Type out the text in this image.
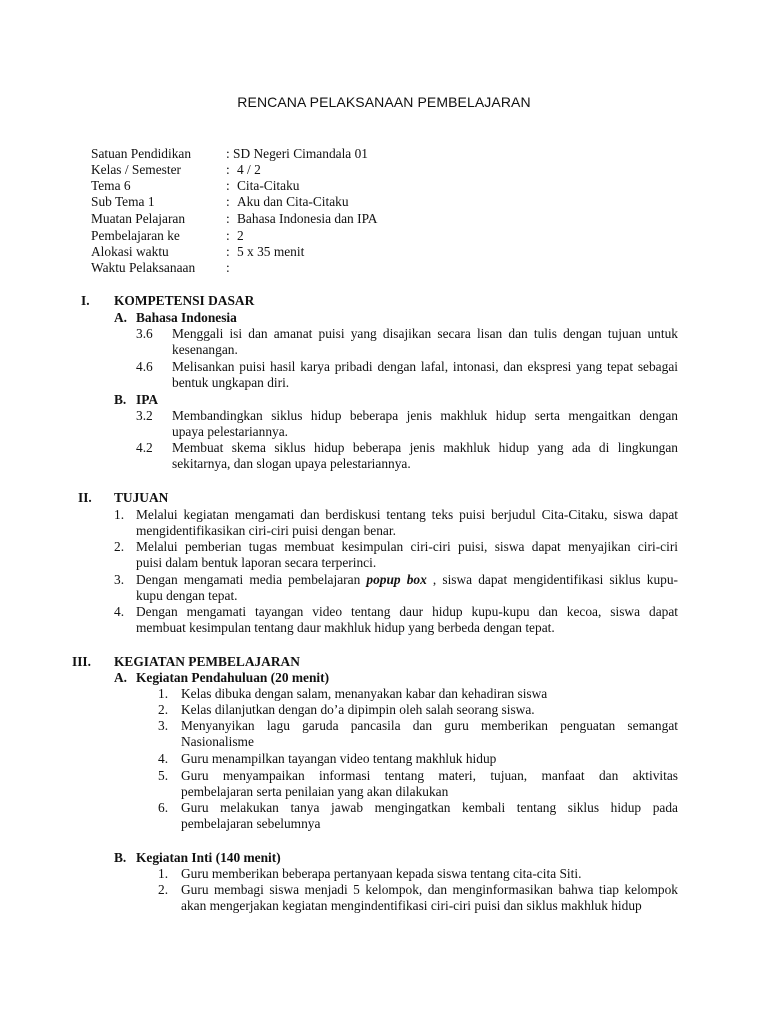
RENCANA PELAKSANAAN PEMBELAJARAN
Satuan Pendidikan	: SD Negeri Cimandala 01
Kelas / Semester	: 4 / 2
Tema 6	: Cita-Citaku
Sub Tema 1	: Aku dan Cita-Citaku
Muatan Pelajaran	: Bahasa Indonesia dan IPA
Pembelajaran ke	: 2
Alokasi waktu	: 5 x 35 menit
Waktu Pelaksanaan :
I. KOMPETENSI DASAR
A. Bahasa Indonesia
3.6 Menggali isi dan amanat puisi yang disajikan secara lisan dan tulis dengan tujuan untuk
kesenangan.
4.6 Melisankan puisi hasil karya pribadi dengan lafal, intonasi, dan ekspresi yang tepat sebagai
bentuk ungkapan diri.
B. IPA
3.2 Membandingkan siklus hidup beberapa jenis makhluk hidup serta mengaitkan dengan
upaya pelestariannya.
4.2 Membuat skema siklus hidup beberapa jenis makhluk hidup yang ada di lingkungan
sekitarnya, dan slogan upaya pelestariannya.
II. TUJUAN
1. Melalui kegiatan mengamati dan berdiskusi tentang teks puisi berjudul Cita-Citaku, siswa dapat
mengidentifikasikan ciri-ciri puisi dengan benar.
2. Melalui pemberian tugas membuat kesimpulan ciri-ciri puisi, siswa dapat menyajikan ciri-ciri
puisi dalam bentuk laporan secara terperinci.
3. Dengan mengamati media pembelajaran popup box , siswa dapat mengidentifikasi siklus kupu-
kupu dengan tepat.
4. Dengan mengamati tayangan video tentang daur hidup kupu-kupu dan kecoa, siswa dapat
membuat kesimpulan tentang daur makhluk hidup yang berbeda dengan tepat.
III. KEGIATAN PEMBELAJARAN
A. Kegiatan Pendahuluan (20 menit)
1. Kelas dibuka dengan salam, menanyakan kabar dan kehadiran siswa
2. Kelas dilanjutkan dengan do’a dipimpin oleh salah seorang siswa.
3. Menyanyikan lagu garuda pancasila dan guru memberikan penguatan semangat
Nasionalisme
4. Guru menampilkan tayangan video tentang makhluk hidup
5. Guru menyampaikan informasi tentang materi, tujuan, manfaat dan aktivitas
pembelajaran serta penilaian yang akan dilakukan
6. Guru melakukan tanya jawab mengingatkan kembali tentang siklus hidup pada
pembelajaran sebelumnya
B. Kegiatan Inti (140 menit)
1. Guru memberikan beberapa pertanyaan kepada siswa tentang cita-cita Siti.
2. Guru membagi siswa menjadi 5 kelompok, dan menginformasikan bahwa tiap kelompok
akan mengerjakan kegiatan mengindentifikasi ciri-ciri puisi dan siklus makhluk hidup
